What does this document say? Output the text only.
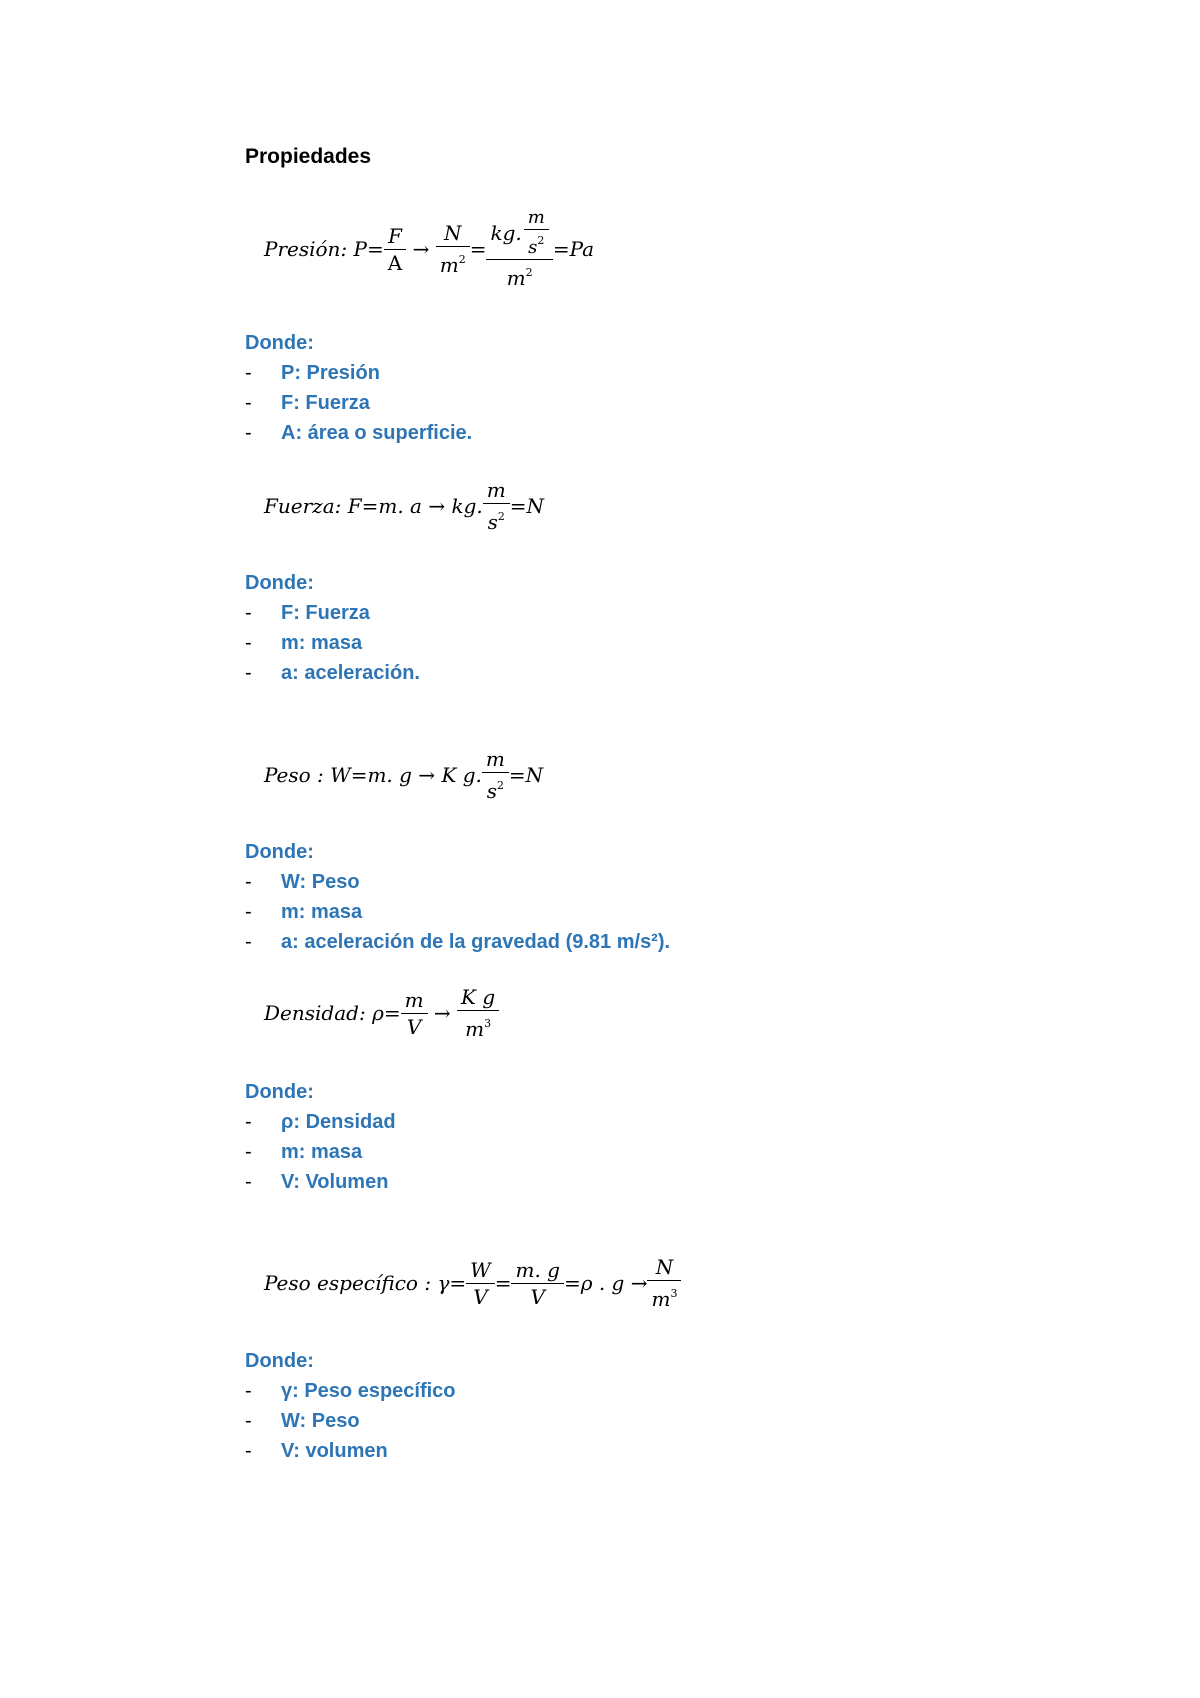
Propiedades
Presión : $P = \frac{F}{A} \to \frac{N}{m^2} = \frac{kg. \frac{m}{s^2}}{m^2} = Pa$
Donde:
- P: Presión
- F: Fuerza
- A: área o superficie.
Fuerza : F=m. a → kg. $\frac{m}{s^2} =N$
Donde:
- F: Fuerza
- m: masa
- a: aceleración.
Peso : W=m. g → K g. $\frac{m}{s^2} =N$
Donde:
- W: Peso
- m: masa
- a: aceleración de la gravedad (9.81 m/s²).
Densidad : $\rho= \frac{m}{V} \to \frac{\text{K g}}{m^3}$
Donde:
- ρ: Densidad
- m: masa
- V: Volumen
Peso específico : $\gamma= \frac{W}{V} = \frac{m. g}{V} =\rho$ . $g \to \frac{N}{m^3}$
Donde:
- γ: Peso específico
- W: Peso
- V: volumen
